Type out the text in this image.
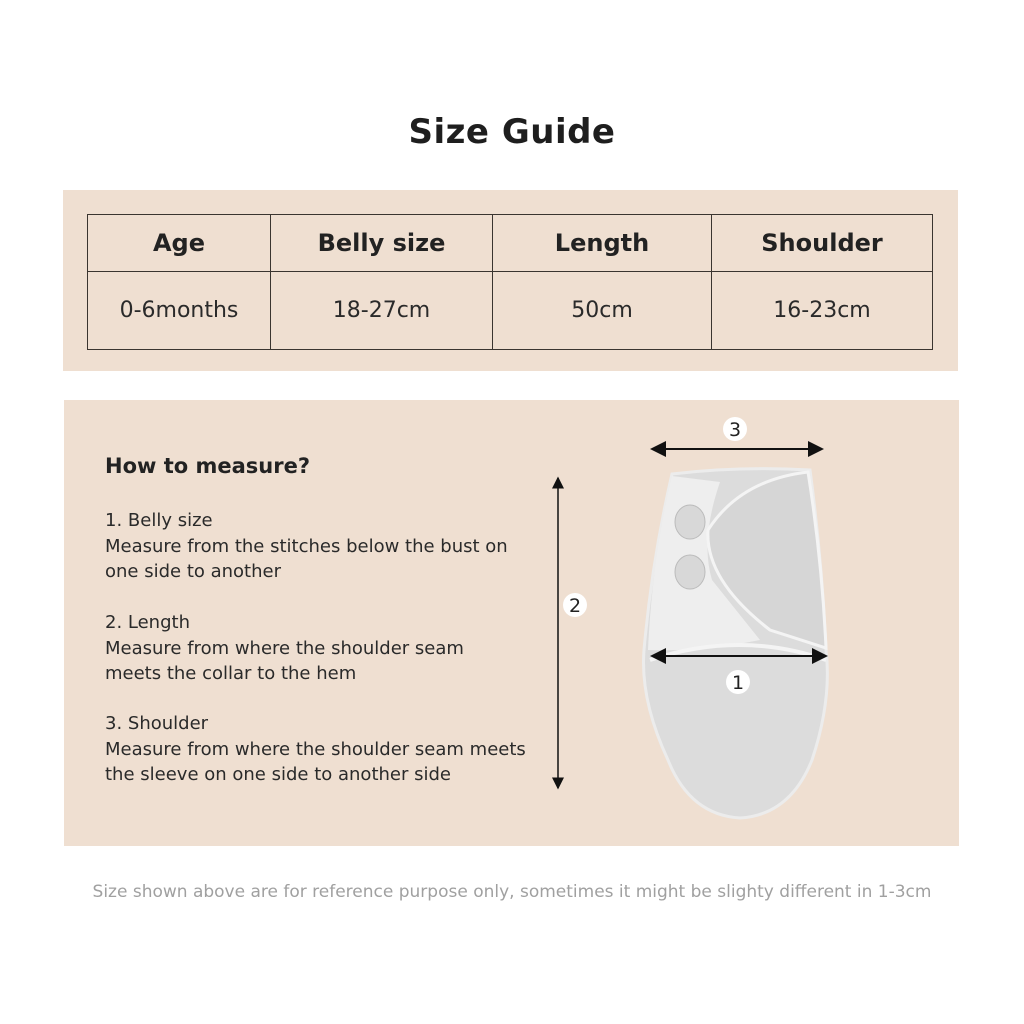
Size Guide
Age	Belly size	Length	Shoulder
0-6months	18-27cm	50cm	16-23cm
How to measure?
1. Belly size
Measure from the stitches below the bust on one side to another
2. Length
Measure from where the shoulder seam meets the collar to the hem
3. Shoulder
Measure from where the shoulder seam meets the sleeve on one side to another side
3
2
1
Size shown above are for reference purpose only, sometimes it might be slighty different in 1-3cm
